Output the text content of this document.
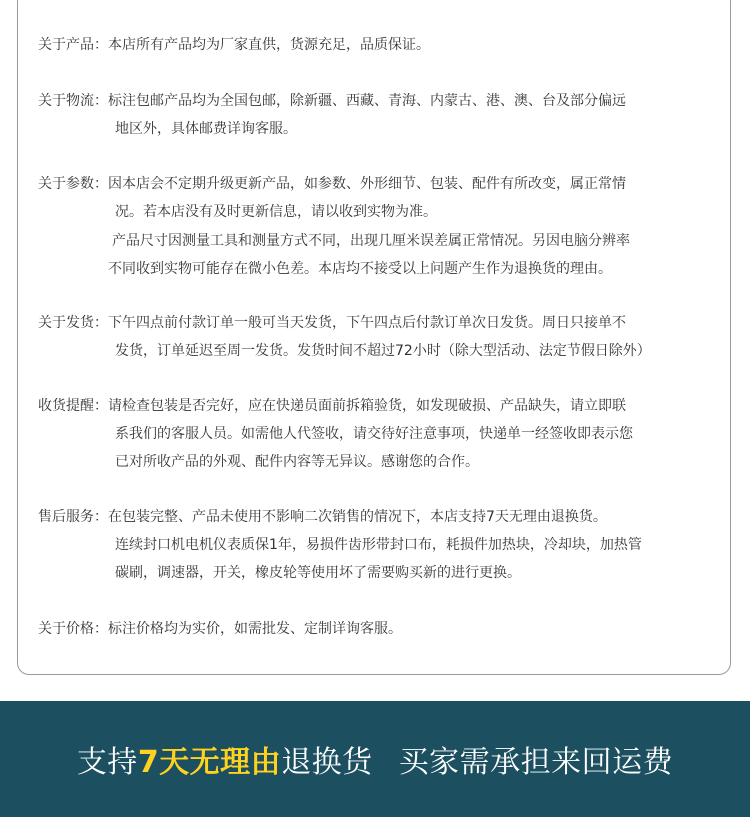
关于产品：本店所有产品均为厂家直供，货源充足，品质保证。
关于物流：标注包邮产品均为全国包邮，除新疆、西藏、青海、内蒙古、港、澳、台及部分偏远
地区外，具体邮费详询客服。
关于参数：因本店会不定期升级更新产品，如参数、外形细节、包装、配件有所改变，属正常情
况。若本店没有及时更新信息，请以收到实物为准。
产品尺寸因测量工具和测量方式不同，出现几厘米误差属正常情况。另因电脑分辨率
不同收到实物可能存在微小色差。本店均不接受以上问题产生作为退换货的理由。
关于发货：下午四点前付款订单一般可当天发货，下午四点后付款订单次日发货。周日只接单不
发货，订单延迟至周一发货。发货时间不超过72小时（除大型活动、法定节假日除外）
收货提醒：请检查包装是否完好，应在快递员面前拆箱验货，如发现破损、产品缺失，请立即联
系我们的客服人员。如需他人代签收，请交待好注意事项，快递单一经签收即表示您
已对所收产品的外观、配件内容等无异议。感谢您的合作。
售后服务：在包装完整、产品未使用不影响二次销售的情况下，本店支持7天无理由退换货。
连续封口机电机仪表质保1年，易损件齿形带封口布，耗损件加热块，冷却块，加热管
碳刷，调速器，开关，橡皮轮等使用坏了需要购买新的进行更换。
关于价格：标注价格均为实价，如需批发、定制详询客服。
支持7天无理由退换货 买家需承担来回运费
